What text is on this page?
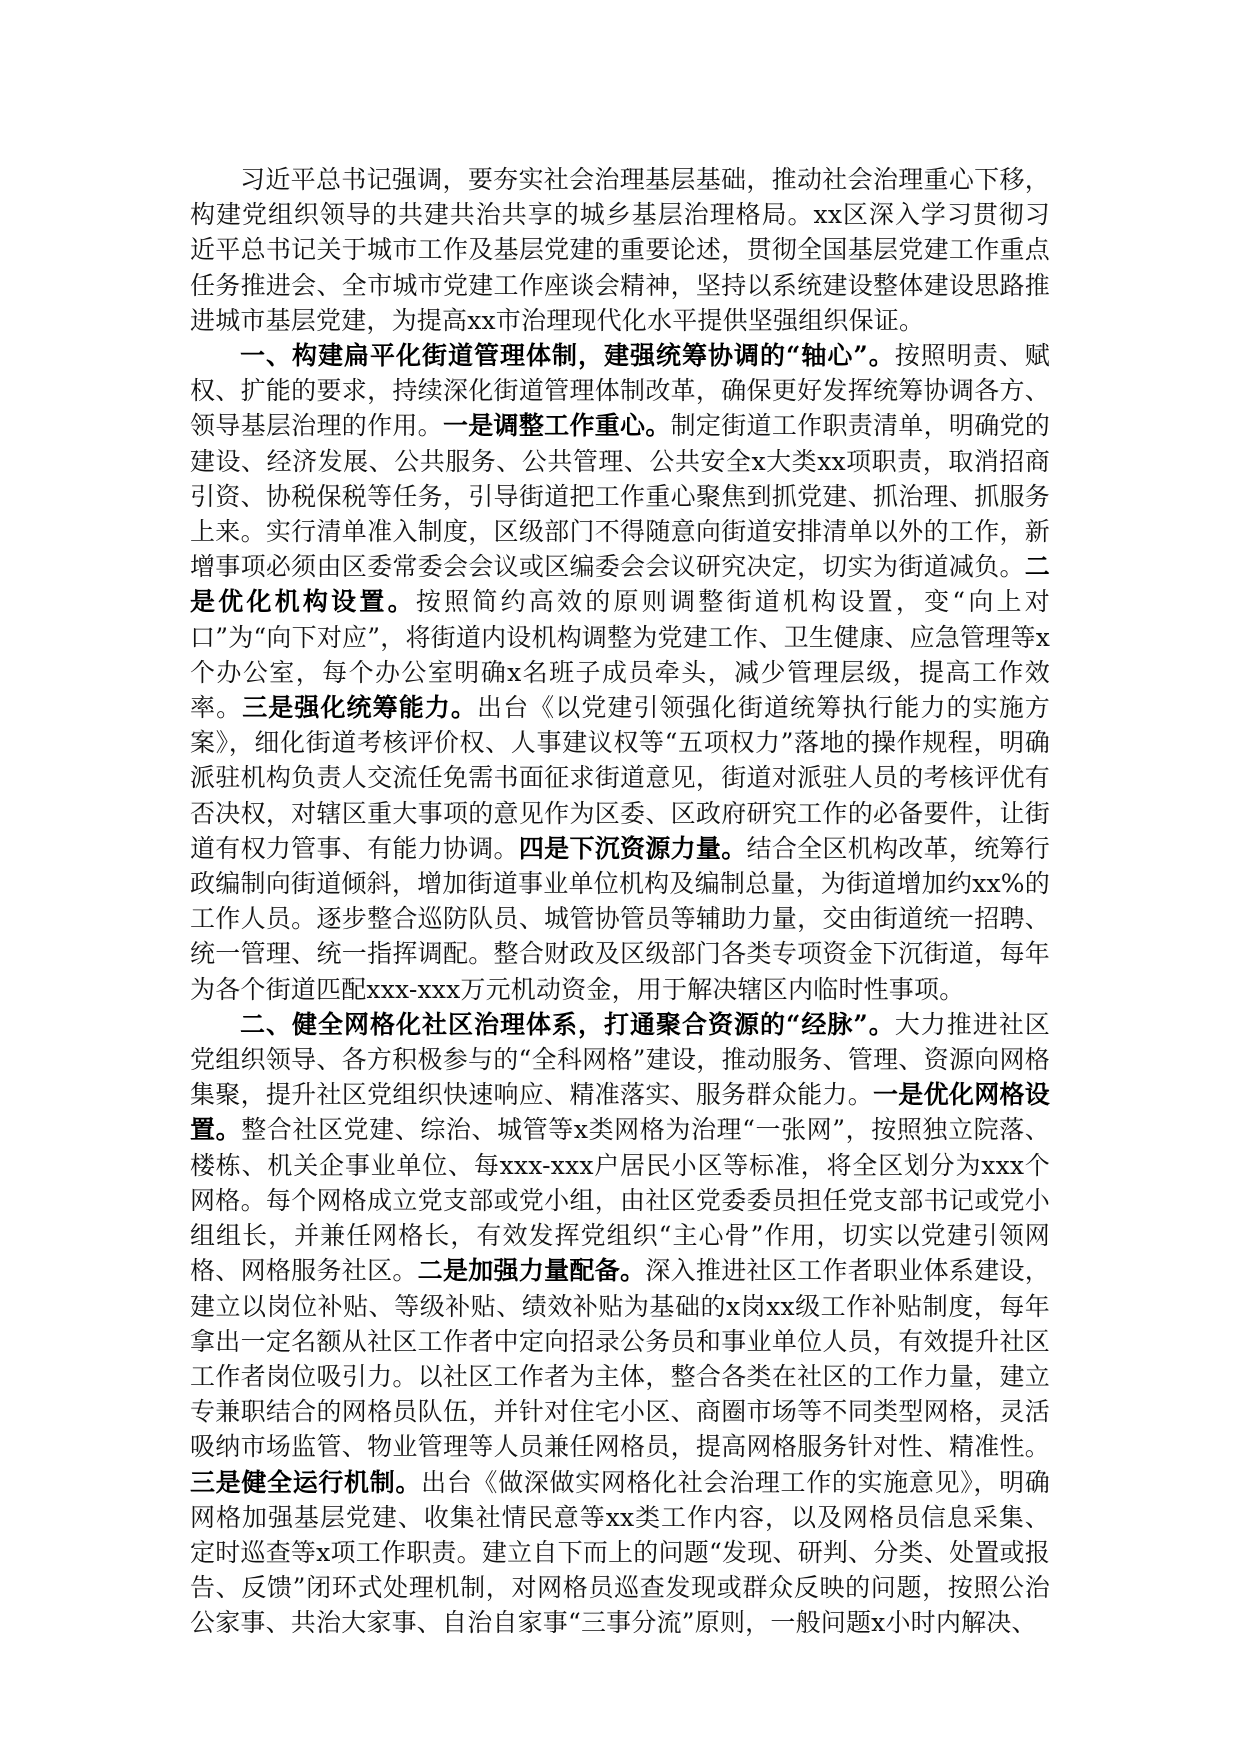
习近平总书记强调，要夯实社会治理基层基础，推动社会治理重心下移，构建党组织领导的共建共治共享的城乡基层治理格局。xx区深入学习贯彻习近平总书记关于城市工作及基层党建的重要论述，贯彻全国基层党建工作重点任务推进会、全市城市党建工作座谈会精神，坚持以系统建设整体建设思路推进城市基层党建，为提高xx市治理现代化水平提供坚强组织保证。

一、构建扁平化街道管理体制，建强统筹协调的“轴心”。按照明责、赋权、扩能的要求，持续深化街道管理体制改革，确保更好发挥统筹协调各方、领导基层治理的作用。一是调整工作重心。制定街道工作职责清单，明确党的建设、经济发展、公共服务、公共管理、公共安全x大类xx项职责，取消招商引资、协税保税等任务，引导街道把工作重心聚焦到抓党建、抓治理、抓服务上来。实行清单准入制度，区级部门不得随意向街道安排清单以外的工作，新增事项必须由区委常委会会议或区编委会会议研究决定，切实为街道减负。二是优化机构设置。按照简约高效的原则调整街道机构设置，变“向上对口”为“向下对应”，将街道内设机构调整为党建工作、卫生健康、应急管理等x个办公室，每个办公室明确x名班子成员牵头，减少管理层级，提高工作效率。三是强化统筹能力。出台《以党建引领强化街道统筹执行能力的实施方案》，细化街道考核评价权、人事建议权等“五项权力”落地的操作规程，明确派驻机构负责人交流任免需书面征求街道意见，街道对派驻人员的考核评优有否决权，对辖区重大事项的意见作为区委、区政府研究工作的必备要件，让街道有权力管事、有能力协调。四是下沉资源力量。结合全区机构改革，统筹行政编制向街道倾斜，增加街道事业单位机构及编制总量，为街道增加约xx%的工作人员。逐步整合巡防队员、城管协管员等辅助力量，交由街道统一招聘、统一管理、统一指挥调配。整合财政及区级部门各类专项资金下沉街道，每年为各个街道匹配xxx-xxx万元机动资金，用于解决辖区内临时性事项。

二、健全网格化社区治理体系，打通聚合资源的“经脉”。大力推进社区党组织领导、各方积极参与的“全科网格”建设，推动服务、管理、资源向网格集聚，提升社区党组织快速响应、精准落实、服务群众能力。一是优化网格设置。整合社区党建、综治、城管等x类网格为治理“一张网”，按照独立院落、楼栋、机关企事业单位、每xxx-xxx户居民小区等标准，将全区划分为xxx个网格。每个网格成立党支部或党小组，由社区党委委员担任党支部书记或党小组组长，并兼任网格长，有效发挥党组织“主心骨”作用，切实以党建引领网格、网格服务社区。二是加强力量配备。深入推进社区工作者职业体系建设，建立以岗位补贴、等级补贴、绩效补贴为基础的x岗xx级工作补贴制度，每年拿出一定名额从社区工作者中定向招录公务员和事业单位人员，有效提升社区工作者岗位吸引力。以社区工作者为主体，整合各类在社区的工作力量，建立专兼职结合的网格员队伍，并针对住宅小区、商圈市场等不同类型网格，灵活吸纳市场监管、物业管理等人员兼任网格员，提高网格服务针对性、精准性。三是健全运行机制。出台《做深做实网格化社会治理工作的实施意见》，明确网格加强基层党建、收集社情民意等xx类工作内容，以及网格员信息采集、定时巡查等x项工作职责。建立自下而上的问题“发现、研判、分类、处置或报告、反馈”闭环式处理机制，对网格员巡查发现或群众反映的问题，按照公治公家事、共治大家事、自治自家事“三事分流”原则，一般问题x小时内解决、
